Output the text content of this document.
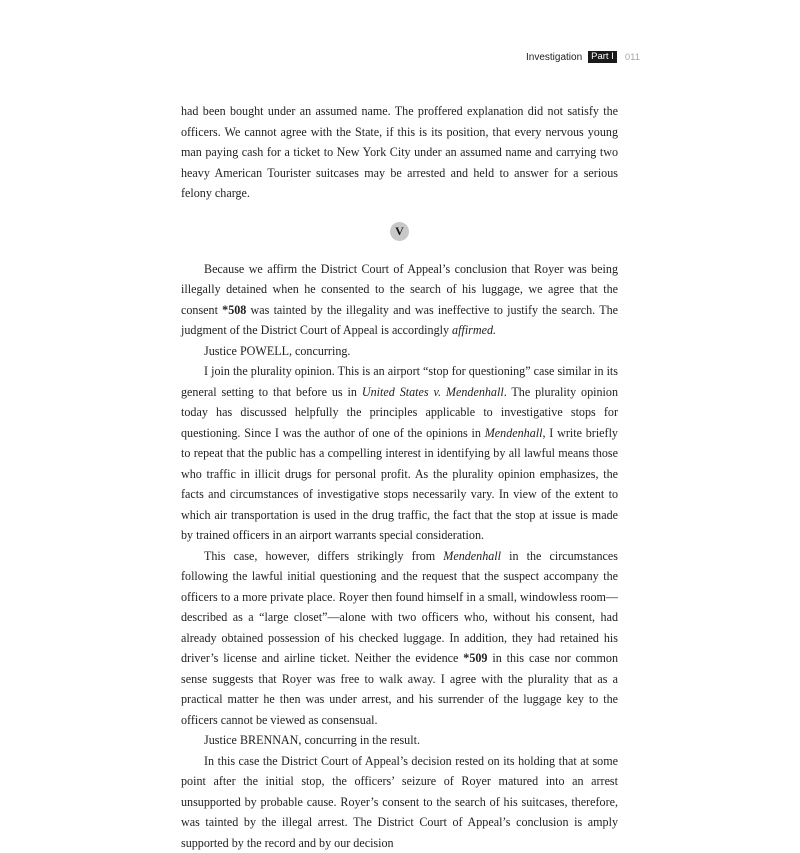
Investigation Part I	011

had been bought under an assumed name. The proffered explanation did not satisfy the officers. We cannot agree with the State, if this is its position, that every nervous young man paying cash for a ticket to New York City under an assumed name and carrying two heavy American Tourister suitcases may be arrested and held to answer for a serious felony charge.

V

Because we affirm the District Court of Appeal’s conclusion that Royer was being illegally detained when he consented to the search of his luggage, we agree that the consent *508 was tainted by the illegality and was ineffective to justify the search. The judgment of the District Court of Appeal is accordingly affirmed.

Justice POWELL, concurring.

I join the plurality opinion. This is an airport “stop for questioning” case similar in its general setting to that before us in United States v. Mendenhall. The plurality opinion today has discussed helpfully the principles applicable to investigative stops for questioning. Since I was the author of one of the opinions in Mendenhall, I write briefly to repeat that the public has a compelling interest in identifying by all lawful means those who traffic in illicit drugs for personal profit. As the plurality opinion emphasizes, the facts and circumstances of investigative stops necessarily vary. In view of the extent to which air transportation is used in the drug traffic, the fact that the stop at issue is made by trained officers in an airport warrants special consideration.

This case, however, differs strikingly from Mendenhall in the circumstances following the lawful initial questioning and the request that the suspect accompany the officers to a more private place. Royer then found himself in a small, windowless room—described as a “large closet”—alone with two officers who, without his consent, had already obtained possession of his checked luggage. In addition, they had retained his driver’s license and airline ticket. Neither the evidence *509 in this case nor common sense suggests that Royer was free to walk away. I agree with the plurality that as a practical matter he then was under arrest, and his surrender of the luggage key to the officers cannot be viewed as consensual.

Justice BRENNAN, concurring in the result.

In this case the District Court of Appeal’s decision rested on its holding that at some point after the initial stop, the officers’ seizure of Royer matured into an arrest unsupported by probable cause. Royer’s consent to the search of his suitcases, therefore, was tainted by the illegal arrest. The District Court of Appeal’s conclusion is amply supported by the record and by our decision
